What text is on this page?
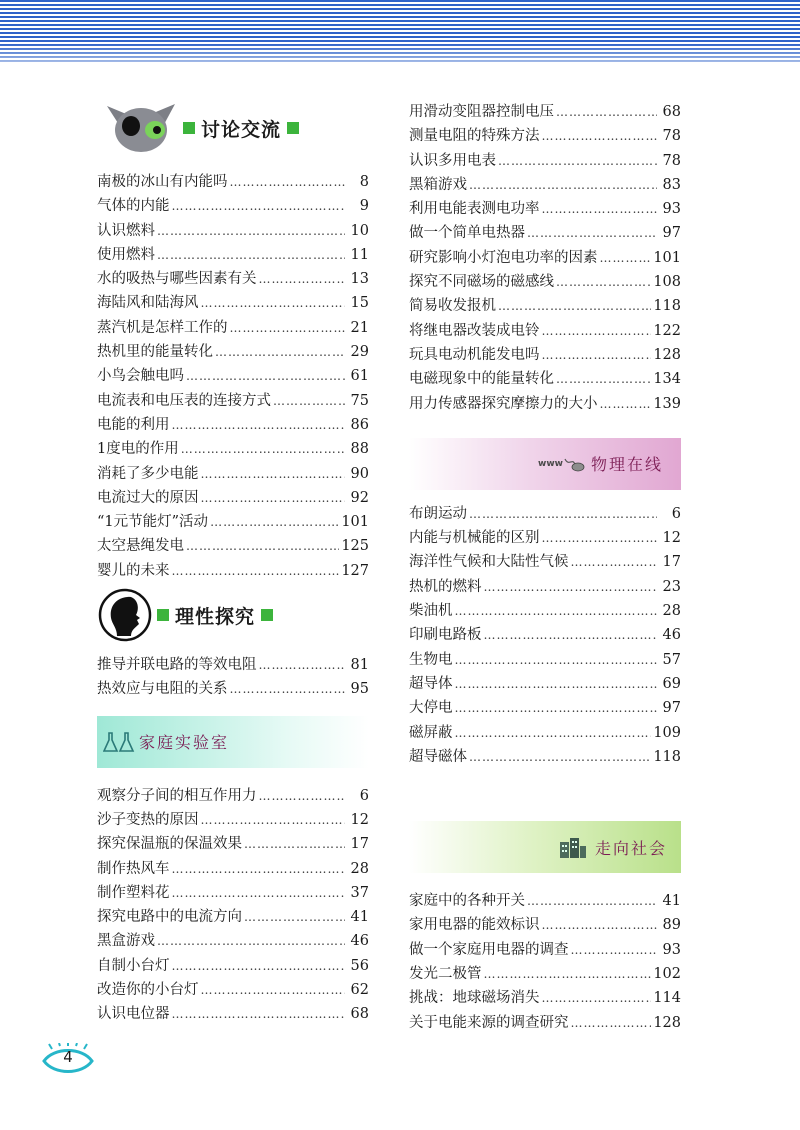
讨论交流
南极的冰山有内能吗 ……………………………………………………………………………………………………	8
气体的内能 ……………………………………………………………………………………………………	9
认识燃料 ……………………………………………………………………………………………………	10
使用燃料 ……………………………………………………………………………………………………	11
水的吸热与哪些因素有关 ……………………………………………………………………………………………………	13
海陆风和陆海风 ……………………………………………………………………………………………………	15
蒸汽机是怎样工作的 ……………………………………………………………………………………………………	21
热机里的能量转化 ……………………………………………………………………………………………………	29
小鸟会触电吗 ……………………………………………………………………………………………………	61
电流表和电压表的连接方式 ……………………………………………………………………………………………………	75
电能的利用 ……………………………………………………………………………………………………	86
1度电的作用 ……………………………………………………………………………………………………	88
消耗了多少电能 ……………………………………………………………………………………………………	90
电流过大的原因 ……………………………………………………………………………………………………	92
“1元节能灯”活动 ……………………………………………………………………………………………………	101
太空悬绳发电 ……………………………………………………………………………………………………	125
婴儿的未来 ……………………………………………………………………………………………………	127
理性探究
推导并联电路的等效电阻 ……………………………………………………………………………………………………	81
热效应与电阻的关系 ……………………………………………………………………………………………………	95
家庭实验室
观察分子间的相互作用力 ……………………………………………………………………………………………………	6
沙子变热的原因 ……………………………………………………………………………………………………	12
探究保温瓶的保温效果 ……………………………………………………………………………………………………	17
制作热风车 ……………………………………………………………………………………………………	28
制作塑料花 ……………………………………………………………………………………………………	37
探究电路中的电流方向 ……………………………………………………………………………………………………	41
黑盒游戏 ……………………………………………………………………………………………………	46
自制小台灯 ……………………………………………………………………………………………………	56
改造你的小台灯 ……………………………………………………………………………………………………	62
认识电位器 ……………………………………………………………………………………………………	68
用滑动变阻器控制电压 ……………………………………………………………………………………………………	68
测量电阻的特殊方法 ……………………………………………………………………………………………………	78
认识多用电表 ……………………………………………………………………………………………………	78
黑箱游戏 ……………………………………………………………………………………………………	83
利用电能表测电功率 ……………………………………………………………………………………………………	93
做一个简单电热器 ……………………………………………………………………………………………………	97
研究影响小灯泡电功率的因素 ……………………………………………………………………………………………………	101
探究不同磁场的磁感线 ……………………………………………………………………………………………………	108
简易收发报机 ……………………………………………………………………………………………………	118
将继电器改装成电铃 ……………………………………………………………………………………………………	122
玩具电动机能发电吗 ……………………………………………………………………………………………………	128
电磁现象中的能量转化 ……………………………………………………………………………………………………	134
用力传感器探究摩擦力的大小 ……………………………………………………………………………………………………	139
www 物理在线
布朗运动 ……………………………………………………………………………………………………	6
内能与机械能的区别 ……………………………………………………………………………………………………	12
海洋性气候和大陆性气候 ……………………………………………………………………………………………………	17
热机的燃料 ……………………………………………………………………………………………………	23
柴油机 ……………………………………………………………………………………………………	28
印刷电路板 ……………………………………………………………………………………………………	46
生物电 ……………………………………………………………………………………………………	57
超导体 ……………………………………………………………………………………………………	69
大停电 ……………………………………………………………………………………………………	97
磁屏蔽 ……………………………………………………………………………………………………	109
超导磁体 ……………………………………………………………………………………………………	118
走向社会
家庭中的各种开关 ……………………………………………………………………………………………………	41
家用电器的能效标识 ……………………………………………………………………………………………………	89
做一个家庭用电器的调查 ……………………………………………………………………………………………………	93
发光二极管 ……………………………………………………………………………………………………	102
挑战：地球磁场消失 ……………………………………………………………………………………………………	114
关于电能来源的调查研究 ……………………………………………………………………………………………………	128
4
